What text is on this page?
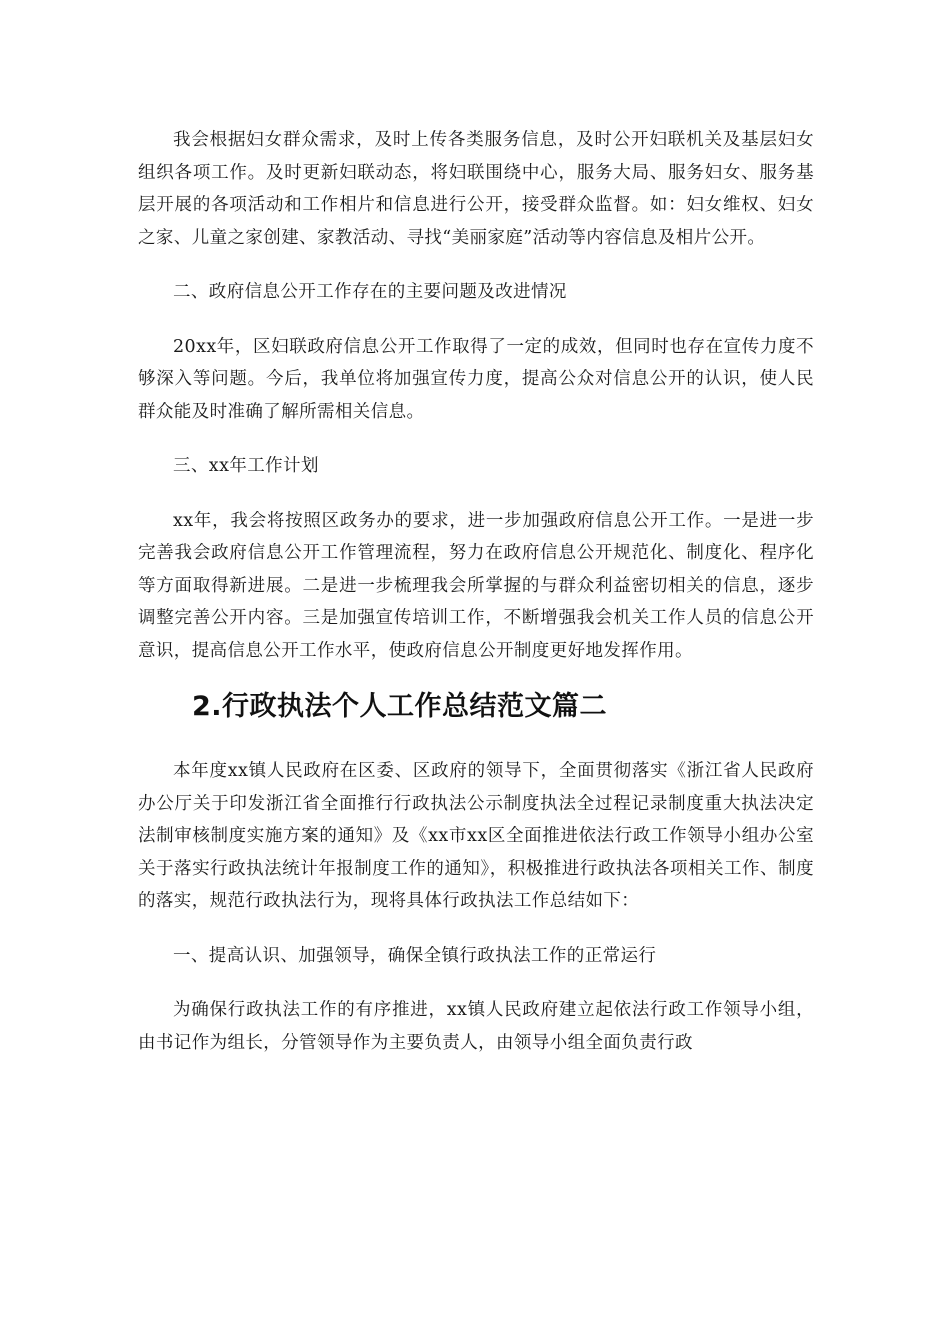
我会根据妇女群众需求，及时上传各类服务信息，及时公开妇联机关及基层妇女组织各项工作。及时更新妇联动态，将妇联围绕中心，服务大局、服务妇女、服务基层开展的各项活动和工作相片和信息进行公开，接受群众监督。如：妇女维权、妇女之家、儿童之家创建、家教活动、寻找“美丽家庭”活动等内容信息及相片公开。

二、政府信息公开工作存在的主要问题及改进情况

20xx年，区妇联政府信息公开工作取得了一定的成效，但同时也存在宣传力度不够深入等问题。今后，我单位将加强宣传力度，提高公众对信息公开的认识，使人民群众能及时准确了解所需相关信息。

三、xx年工作计划

xx年，我会将按照区政务办的要求，进一步加强政府信息公开工作。一是进一步完善我会政府信息公开工作管理流程，努力在政府信息公开规范化、制度化、程序化等方面取得新进展。二是进一步梳理我会所掌握的与群众利益密切相关的信息，逐步调整完善公开内容。三是加强宣传培训工作，不断增强我会机关工作人员的信息公开意识，提高信息公开工作水平，使政府信息公开制度更好地发挥作用。

2.行政执法个人工作总结范文篇二

本年度xx镇人民政府在区委、区政府的领导下，全面贯彻落实《浙江省人民政府办公厅关于印发浙江省全面推行行政执法公示制度执法全过程记录制度重大执法决定法制审核制度实施方案的通知》及《xx市xx区全面推进依法行政工作领导小组办公室关于落实行政执法统计年报制度工作的通知》，积极推进行政执法各项相关工作、制度的落实，规范行政执法行为，现将具体行政执法工作总结如下：

一、提高认识、加强领导，确保全镇行政执法工作的正常运行

为确保行政执法工作的有序推进，xx镇人民政府建立起依法行政工作领导小组，由书记作为组长，分管领导作为主要负责人，由领导小组全面负责行政
